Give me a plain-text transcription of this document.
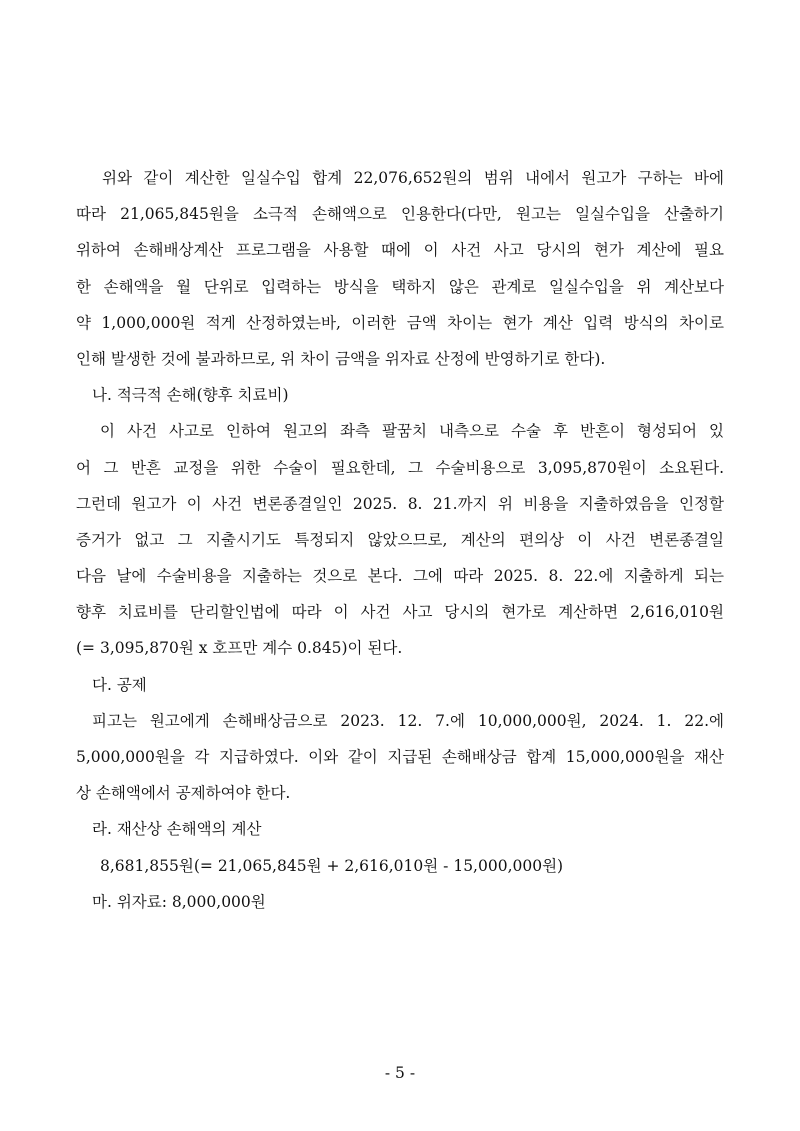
위와 같이 계산한 일실수입 합계 22,076,652원의 범위 내에서 원고가 구하는 바에
따라 21,065,845원을 소극적 손해액으로 인용한다(다만, 원고는 일실수입을 산출하기
위하여 손해배상계산 프로그램을 사용할 때에 이 사건 사고 당시의 현가 계산에 필요
한 손해액을 월 단위로 입력하는 방식을 택하지 않은 관계로 일실수입을 위 계산보다
약 1,000,000원 적게 산정하였는바, 이러한 금액 차이는 현가 계산 입력 방식의 차이로
인해 발생한 것에 불과하므로, 위 차이 금액을 위자료 산정에 반영하기로 한다).
나. 적극적 손해(향후 치료비)
이 사건 사고로 인하여 원고의 좌측 팔꿈치 내측으로 수술 후 반흔이 형성되어 있
어 그 반흔 교정을 위한 수술이 필요한데, 그 수술비용으로 3,095,870원이 소요된다.
그런데 원고가 이 사건 변론종결일인 2025. 8. 21.까지 위 비용을 지출하였음을 인정할
증거가 없고 그 지출시기도 특정되지 않았으므로, 계산의 편의상 이 사건 변론종결일
다음 날에 수술비용을 지출하는 것으로 본다. 그에 따라 2025. 8. 22.에 지출하게 되는
향후 치료비를 단리할인법에 따라 이 사건 사고 당시의 현가로 계산하면 2,616,010원
(= 3,095,870원 x 호프만 계수 0.845)이 된다.
다. 공제
피고는 원고에게 손해배상금으로 2023. 12. 7.에 10,000,000원, 2024. 1. 22.에
5,000,000원을 각 지급하였다. 이와 같이 지급된 손해배상금 합계 15,000,000원을 재산
상 손해액에서 공제하여야 한다.
라. 재산상 손해액의 계산
8,681,855원(= 21,065,845원 + 2,616,010원 - 15,000,000원)
마. 위자료: 8,000,000원
- 5 -
